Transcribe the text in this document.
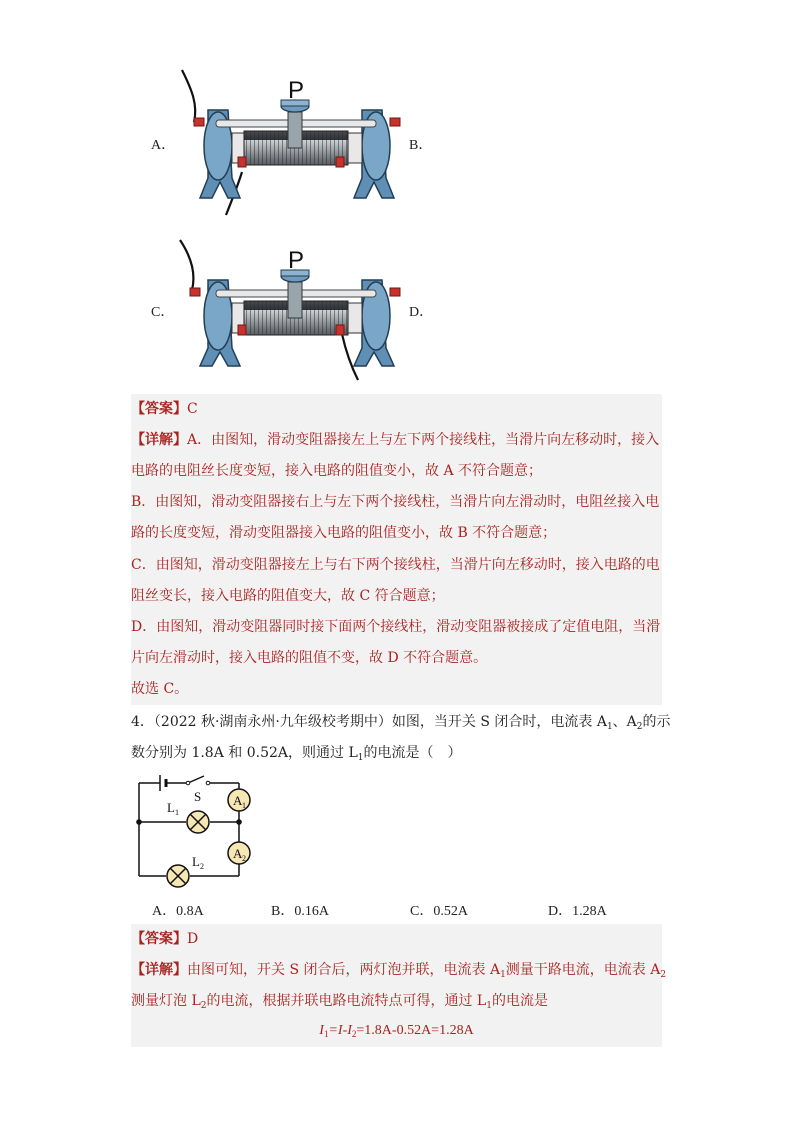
A．	B．
C．	D．
P
P
【答案】C
【详解】A．由图知，滑动变阻器接左上与左下两个接线柱，当滑片向左移动时，接入
电路的电阻丝长度变短，接入电路的阻值变小，故 A 不符合题意；
B．由图知，滑动变阻器接右上与左下两个接线柱，当滑片向左滑动时，电阻丝接入电
路的长度变短，滑动变阻器接入电路的阻值变小，故 B 不符合题意；
C．由图知，滑动变阻器接左上与右下两个接线柱，当滑片向左移动时，接入电路的电
阻丝变长，接入电路的阻值变大，故 C 符合题意；
D．由图知，滑动变阻器同时接下面两个接线柱，滑动变阻器被接成了定值电阻，当滑
片向左滑动时，接入电路的阻值不变，故 D 不符合题意。
故选 C。
4．（2022 秋·湖南永州·九年级校考期中）如图，当开关 S 闭合时，电流表 $A_1$、$A_2$的示
数分别为 1.8A 和 0.52A，则通过 $L_1$的电流是（　）
S A 1
A 2
L 1
L 2
A．0.8A	B．0.16A	C．0.52A	D．1.28A
【答案】D
【详解】由图可知，开关 S 闭合后，两灯泡并联，电流表 $A_1$测量干路电流，电流表 $A_2$
测量灯泡 $L_2$的电流，根据并联电路电流特点可得，通过 $L_1$的电流是
$I_1=I-I_2=1.8A-0.52A=1.28A$
